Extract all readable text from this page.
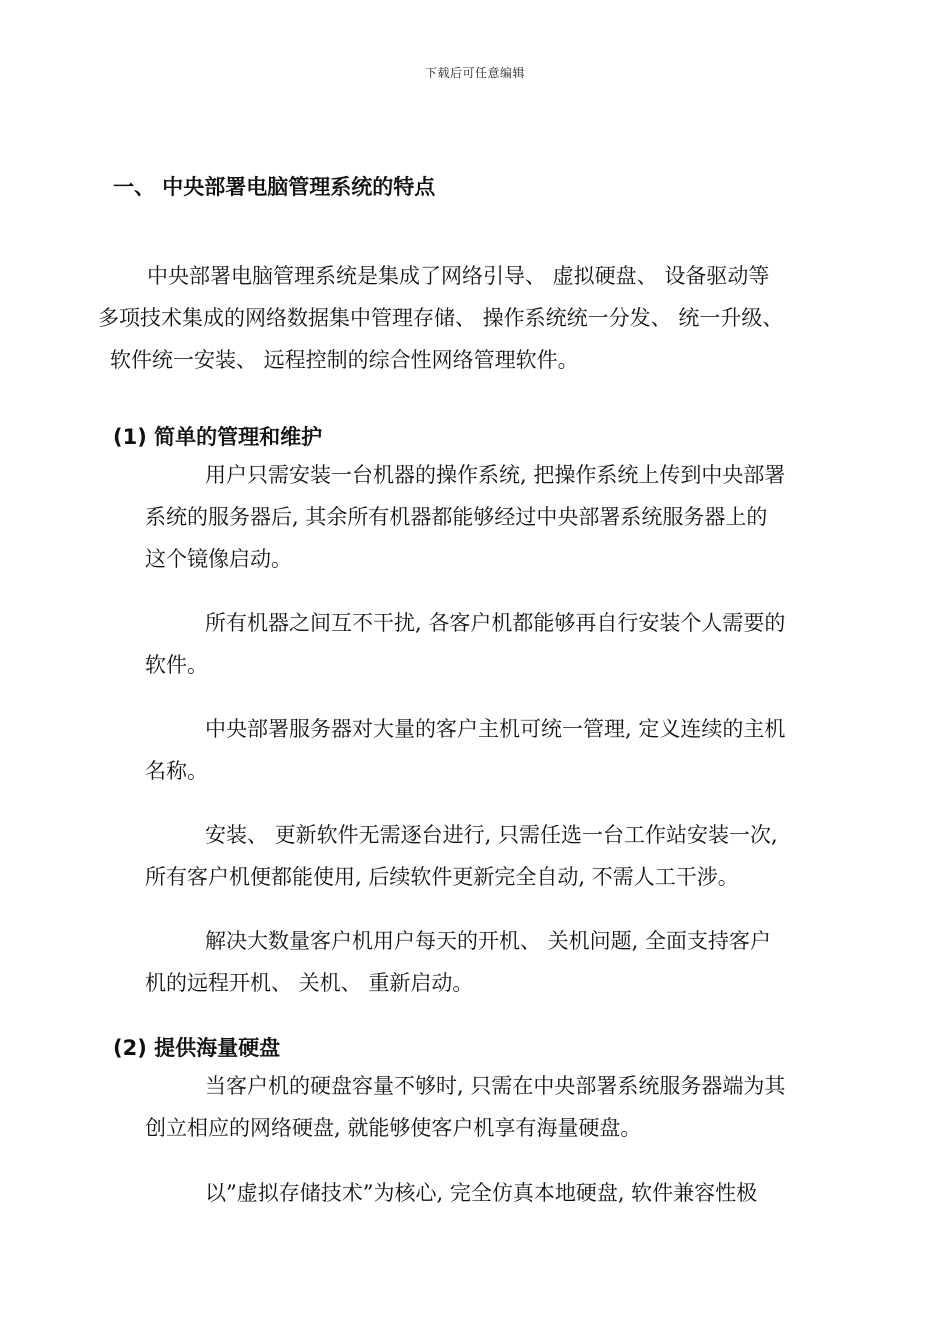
下载后可任意编辑
一、 中央部署电脑管理系统的特点
中央部署电脑管理系统是集成了网络引导、 虚拟硬盘、 设备驱动等
多项技术集成的网络数据集中管理存储、 操作系统统一分发、 统一升级、
软件统一安装、 远程控制的综合性网络管理软件。
(1) 简单的管理和维护
用户只需安装一台机器的操作系统, 把操作系统上传到中央部署
系统的服务器后, 其余所有机器都能够经过中央部署系统服务器上的
这个镜像启动。
所有机器之间互不干扰, 各客户机都能够再自行安装个人需要的
软件。
中央部署服务器对大量的客户主机可统一管理, 定义连续的主机
名称。
安装、 更新软件无需逐台进行, 只需任选一台工作站安装一次,
所有客户机便都能使用, 后续软件更新完全自动, 不需人工干涉。
解决大数量客户机用户每天的开机、 关机问题, 全面支持客户
机的远程开机、 关机、 重新启动。
(2) 提供海量硬盘
当客户机的硬盘容量不够时, 只需在中央部署系统服务器端为其
创立相应的网络硬盘, 就能够使客户机享有海量硬盘。
以”虚拟存储技术”为核心, 完全仿真本地硬盘, 软件兼容性极
